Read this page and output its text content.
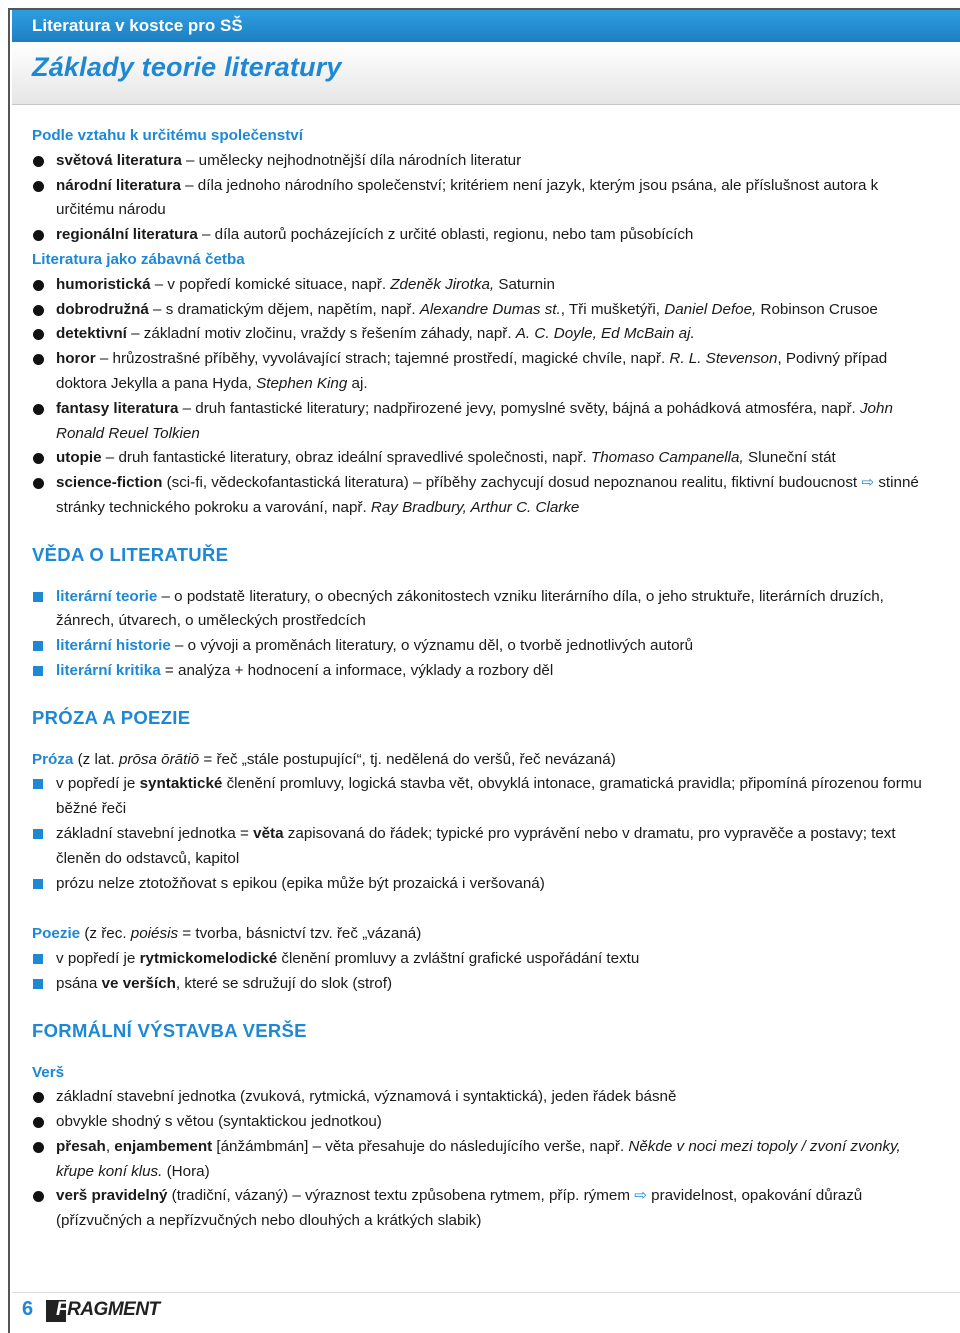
Literatura v kostce pro SŠ
Základy teorie literatury
Podle vztahu k určitému společenství
světová literatura – umělecky nejhodnotnější díla národních literatur
národní literatura – díla jednoho národního společenství; kritériem není jazyk, kterým jsou psána, ale příslušnost autora k určitému národu
regionální literatura – díla autorů pocházejících z určité oblasti, regionu, nebo tam působících
Literatura jako zábavná četba
humoristická – v popředí komické situace, např. Zdeněk Jirotka, Saturnin
dobrodružná – s dramatickým dějem, napětím, např. Alexandre Dumas st., Tři mušketýři, Daniel Defoe, Robinson Crusoe
detektivní – základní motiv zločinu, vraždy s řešením záhady, např. A. C. Doyle, Ed McBain aj.
horor – hrůzostrašné příběhy, vyvolávající strach; tajemné prostředí, magické chvíle, např. R. L. Stevenson, Podivný případ doktora Jekylla a pana Hyda, Stephen King aj.
fantasy literatura – druh fantastické literatury; nadpřirozené jevy, pomyslné světy, bájná a pohádková atmosféra, např. John Ronald Reuel Tolkien
utopie – druh fantastické literatury, obraz ideální spravedlivé společnosti, např. Thomaso Campanella, Sluneční stát
science-fiction (sci-fi, vědeckofantastická literatura) – příběhy zachycují dosud nepoznanou realitu, fiktivní budoucnost ⇨ stinné stránky technického pokroku a varování, např. Ray Bradbury, Arthur C. Clarke
VĚDA O LITERATUŘE
literární teorie – o podstatě literatury, o obecných zákonitostech vzniku literárního díla, o jeho struktuře, literárních druzích, žánrech, útvarech, o uměleckých prostředcích
literární historie – o vývoji a proměnách literatury, o významu děl, o tvorbě jednotlivých autorů
literární kritika = analýza + hodnocení a informace, výklady a rozbory děl
PRÓZA A POEZIE
Próza (z lat. prōsa ōrātiō = řeč „stále postupující“, tj. nedělená do veršů, řeč nevázaná)
v popředí je syntaktické členění promluvy, logická stavba vět, obvyklá intonace, gramatická pravidla; připomíná pírozenou formu běžné řeči
základní stavební jednotka = věta zapisovaná do řádek; typické pro vyprávění nebo v dramatu, pro vypravěče a postavy; text členěn do odstavců, kapitol
prózu nelze ztotožňovat s epikou (epika může být prozaická i veršovaná)
Poezie (z řec. poiésis = tvorba, básnictví tzv. řeč „vázaná)
v popředí je rytmickomelodické členění promluvy a zvláštní grafické uspořádání textu
psána ve verších, které se sdružují do slok (strof)
FORMÁLNÍ VÝSTAVBA VERŠE
Verš
základní stavební jednotka (zvuková, rytmická, významová i syntaktická), jeden řádek básně
obvykle shodný s větou (syntaktickou jednotkou)
přesah, enjambement [ánžámbmán] – věta přesahuje do následujícího verše, např. Někde v noci mezi topoly / zvoní zvonky, křupe koní klus. (Hora)
verš pravidelný (tradiční, vázaný) – výraznost textu způsobena rytmem, příp. rýmem ⇨ pravidelnost, opakování důrazů (přízvučných a nepřízvučných nebo dlouhých a krátkých slabik)
6 FRAGMENT
